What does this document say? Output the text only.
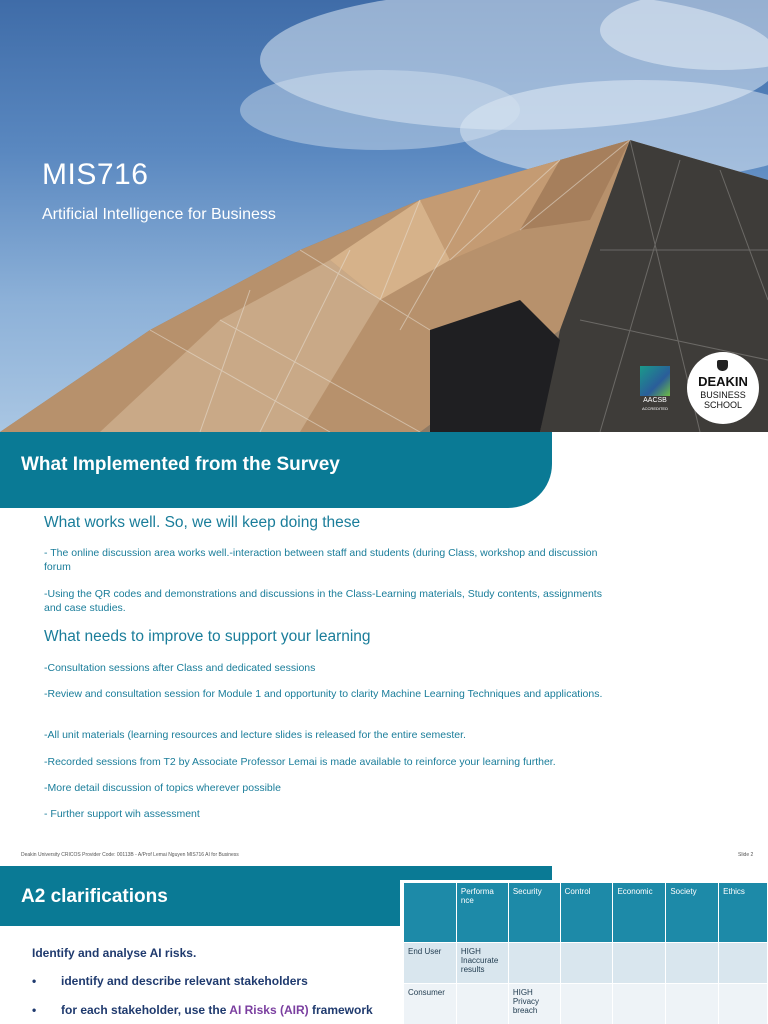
MIS716
Artificial Intelligence for Business
AACSB
ACCREDITED
DEAKIN
BUSINESS
SCHOOL
What Implemented from the Survey

What works well. So, we will keep doing these

- The online discussion area works well.-interaction between staff and students (during Class, workshop and discussion forum

-Using the QR codes and demonstrations and discussions in the Class-Learning materials, Study contents, assignments and case studies.

What needs to improve to support your learning

-Consultation sessions after Class and dedicated sessions

-Review and consultation session for Module 1 and opportunity to clarity Machine Learning Techniques and applications.

-All unit materials (learning resources and lecture slides is released for the entire semester.

-Recorded sessions from T2 by Associate Professor Lemai is made available to reinforce your learning further.

-More detail discussion of topics wherever possible

- Further support wih assessment

Deakin University CRICOS Provider Code: 00113B - A/Prof Lemai Nguyen MIS716 AI for Business	Slide 2
A2 clarifications

Identify and analyse AI risks.

• identify and describe relevant stakeholders
• for each stakeholder, use the AI Risks (AIR) framework
	Performa nce	Security	Control	Economic	Society	Ethics
End User	HIGH Inaccurate results					
Consumer		HIGH Privacy breach				
